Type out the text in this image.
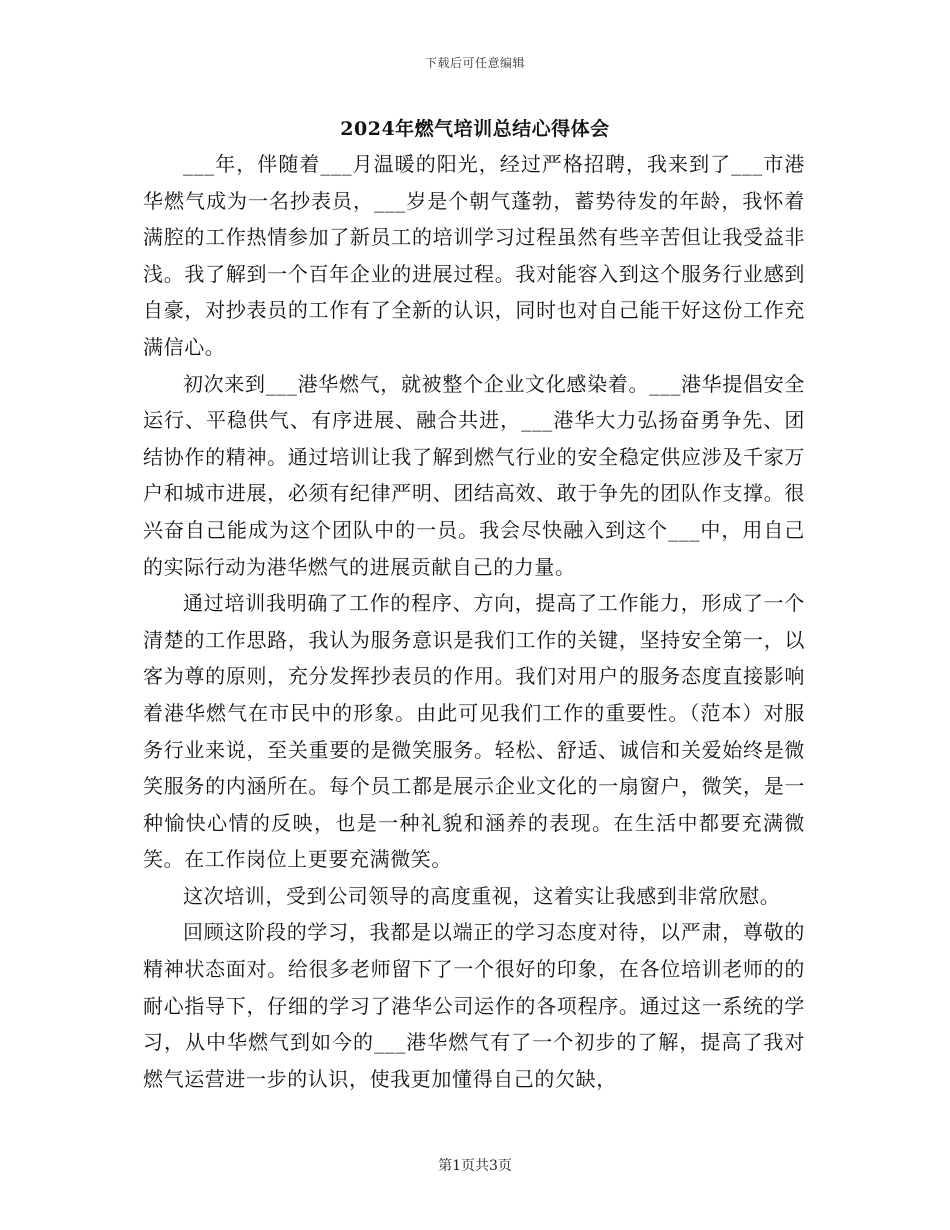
下载后可任意编辑
2024年燃气培训总结心得体会

___年，伴随着___月温暖的阳光，经过严格招聘，我来到了___市港华燃气成为一名抄表员，___岁是个朝气蓬勃，蓄势待发的年龄，我怀着满腔的工作热情参加了新员工的培训学习过程虽然有些辛苦但让我受益非浅。我了解到一个百年企业的进展过程。我对能容入到这个服务行业感到自豪，对抄表员的工作有了全新的认识，同时也对自己能干好这份工作充满信心。

初次来到___港华燃气，就被整个企业文化感染着。___港华提倡安全运行、平稳供气、有序进展、融合共进，___港华大力弘扬奋勇争先、团结协作的精神。通过培训让我了解到燃气行业的安全稳定供应涉及千家万户和城市进展，必须有纪律严明、团结高效、敢于争先的团队作支撑。很兴奋自己能成为这个团队中的一员。我会尽快融入到这个___中，用自己的实际行动为港华燃气的进展贡献自己的力量。

通过培训我明确了工作的程序、方向，提高了工作能力，形成了一个清楚的工作思路，我认为服务意识是我们工作的关键，坚持安全第一，以客为尊的原则，充分发挥抄表员的作用。我们对用户的服务态度直接影响着港华燃气在市民中的形象。由此可见我们工作的重要性。（范本）对服务行业来说，至关重要的是微笑服务。轻松、舒适、诚信和关爱始终是微笑服务的内涵所在。每个员工都是展示企业文化的一扇窗户，微笑，是一种愉快心情的反映，也是一种礼貌和涵养的表现。在生活中都要充满微笑。在工作岗位上更要充满微笑。

这次培训，受到公司领导的高度重视，这着实让我感到非常欣慰。

回顾这阶段的学习，我都是以端正的学习态度对待，以严肃，尊敬的精神状态面对。给很多老师留下了一个很好的印象，在各位培训老师的的耐心指导下，仔细的学习了港华公司运作的各项程序。通过这一系统的学习，从中华燃气到如今的___港华燃气有了一个初步的了解，提高了我对燃气运营进一步的认识，使我更加懂得自己的欠缺，

第1页共3页
